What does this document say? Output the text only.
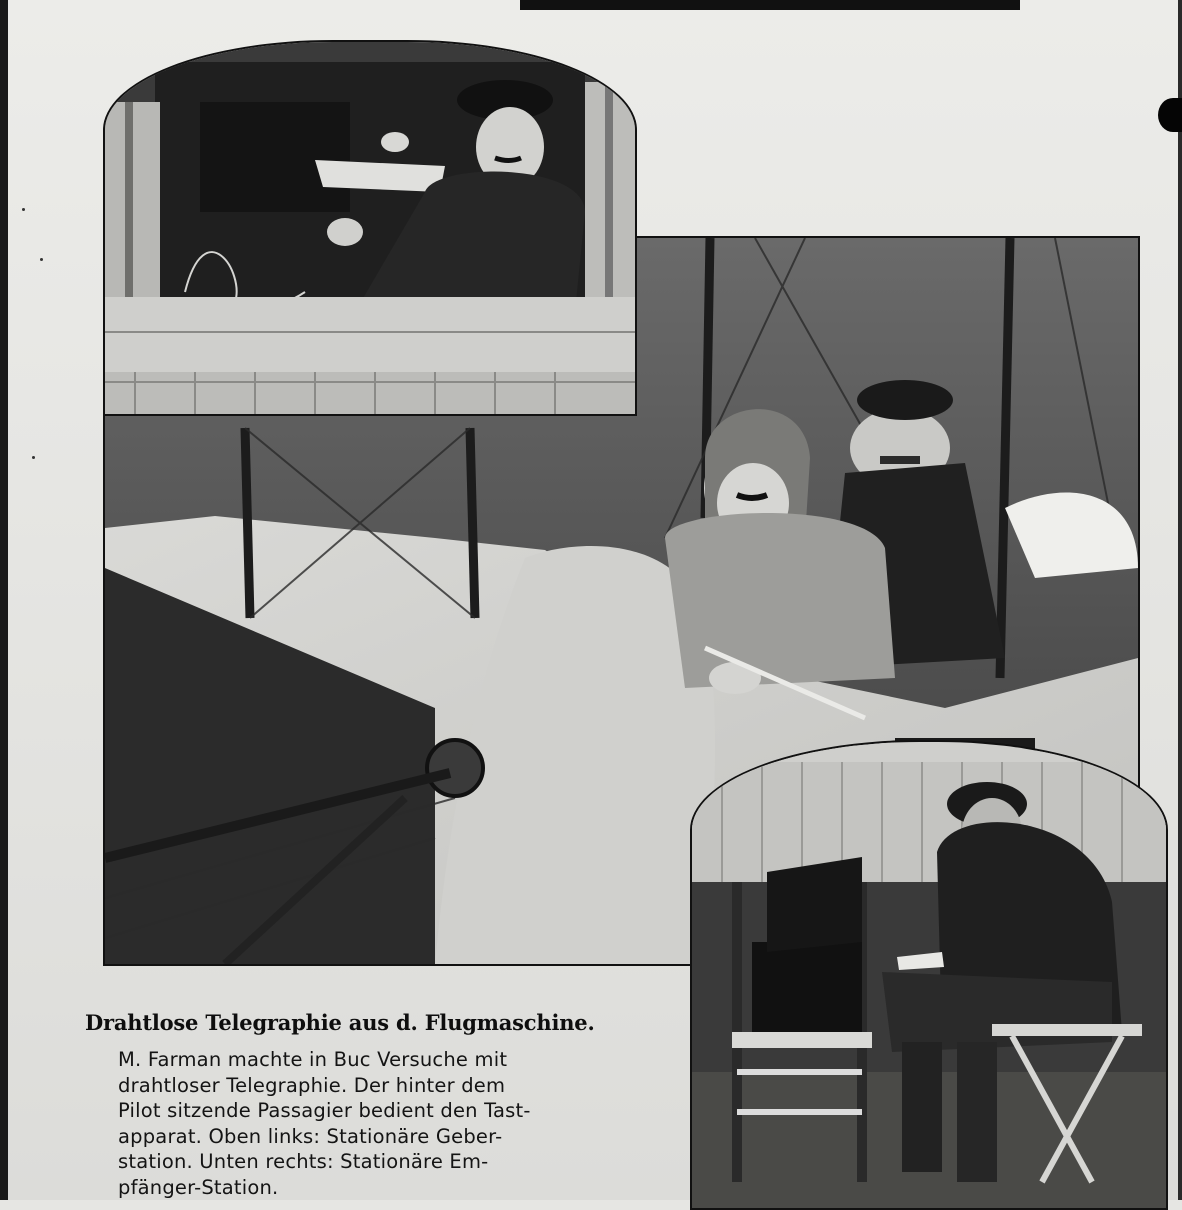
Drahtlose Telegraphie aus d. Flugmaschine.

M. Farman machte in Buc Versuche mit
drahtloser Telegraphie. Der hinter dem
Pilot sitzende Passagier bedient den Tast-
apparat. Oben links: Stationäre Geber-
station. Unten rechts: Stationäre Em-
pfänger-Station.
